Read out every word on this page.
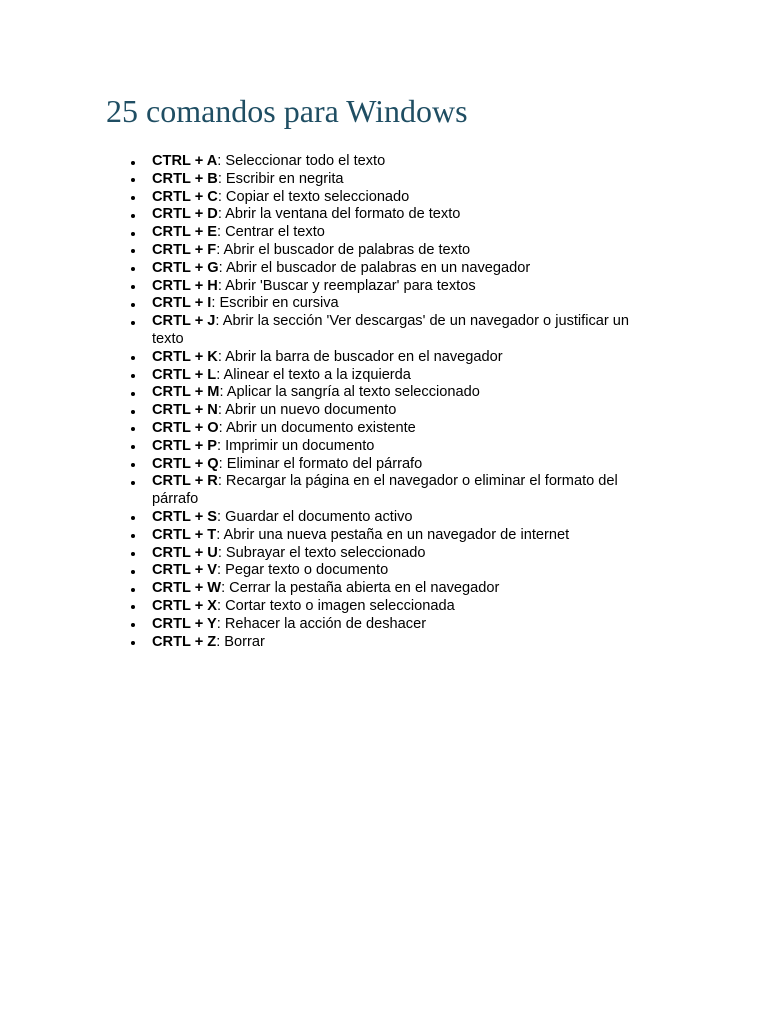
25 comandos para Windows
CTRL + A: Seleccionar todo el texto
CRTL + B: Escribir en negrita
CRTL + C: Copiar el texto seleccionado
CRTL + D: Abrir la ventana del formato de texto
CRTL + E: Centrar el texto
CRTL + F: Abrir el buscador de palabras de texto
CRTL + G: Abrir el buscador de palabras en un navegador
CRTL + H: Abrir 'Buscar y reemplazar' para textos
CRTL + I: Escribir en cursiva
CRTL + J: Abrir la sección 'Ver descargas' de un navegador o justificar un texto
CRTL + K: Abrir la barra de buscador en el navegador
CRTL + L: Alinear el texto a la izquierda
CRTL + M: Aplicar la sangría al texto seleccionado
CRTL + N: Abrir un nuevo documento
CRTL + O: Abrir un documento existente
CRTL + P: Imprimir un documento
CRTL + Q: Eliminar el formato del párrafo
CRTL + R: Recargar la página en el navegador o eliminar el formato del párrafo
CRTL + S: Guardar el documento activo
CRTL + T: Abrir una nueva pestaña en un navegador de internet
CRTL + U: Subrayar el texto seleccionado
CRTL + V: Pegar texto o documento
CRTL + W: Cerrar la pestaña abierta en el navegador
CRTL + X: Cortar texto o imagen seleccionada
CRTL + Y: Rehacer la acción de deshacer
CRTL + Z: Borrar
